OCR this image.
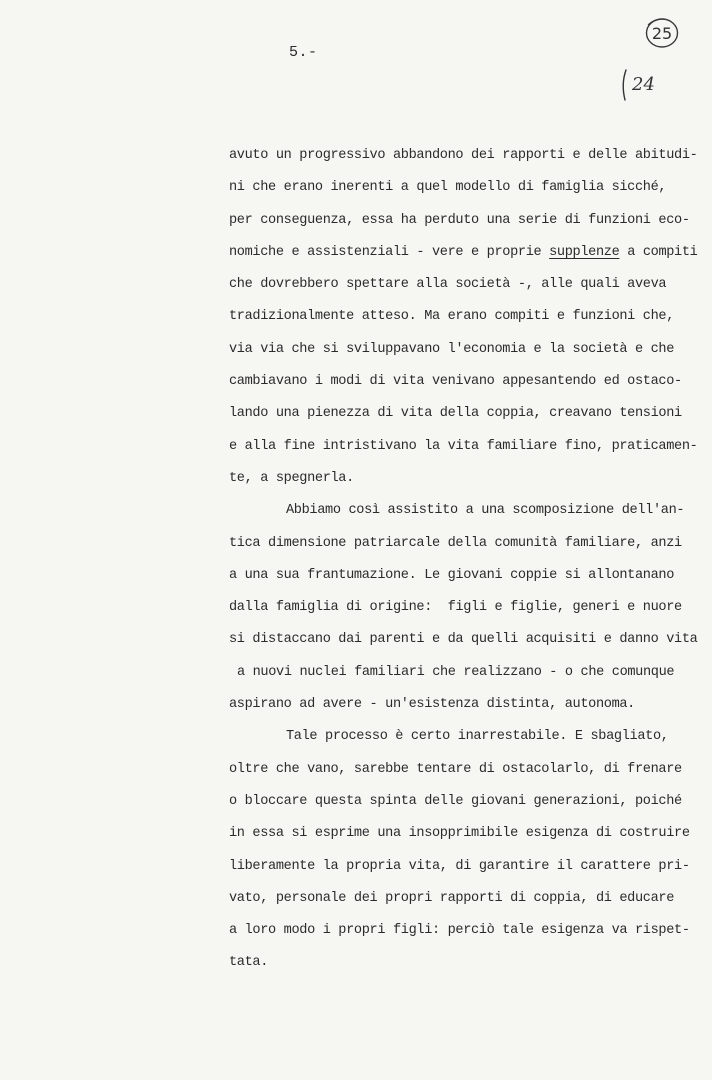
5.-
25
24
avuto un progressivo abbandono dei rapporti e delle abitudi-
ni che erano inerenti a quel modello di famiglia sicché,
per conseguenza, essa ha perduto una serie di funzioni eco-
nomiche e assistenziali - vere e proprie supplenze a compiti
che dovrebbero spettare alla società -, alle quali aveva
tradizionalmente atteso. Ma erano compiti e funzioni che,
via via che si sviluppavano l'economia e la società e che
cambiavano i modi di vita venivano appesantendo ed ostaco-
lando una pienezza di vita della coppia, creavano tensioni
e alla fine intristivano la vita familiare fino, praticamen-
te, a spegnerla.
Abbiamo così assistito a una scomposizione dell'an-
tica dimensione patriarcale della comunità familiare, anzi
a una sua frantumazione. Le giovani coppie si allontanano
dalla famiglia di origine:  figli e figlie, generi e nuore
si distaccano dai parenti e da quelli acquisiti e danno vita
a nuovi nuclei familiari che realizzano - o che comunque
aspirano ad avere - un'esistenza distinta, autonoma.
Tale processo è certo inarrestabile. E sbagliato,
oltre che vano, sarebbe tentare di ostacolarlo, di frenare
o bloccare questa spinta delle giovani generazioni, poiché
in essa si esprime una insopprimibile esigenza di costruire
liberamente la propria vita, di garantire il carattere pri-
vato, personale dei propri rapporti di coppia, di educare
a loro modo i propri figli: perciò tale esigenza va rispet-
tata.
